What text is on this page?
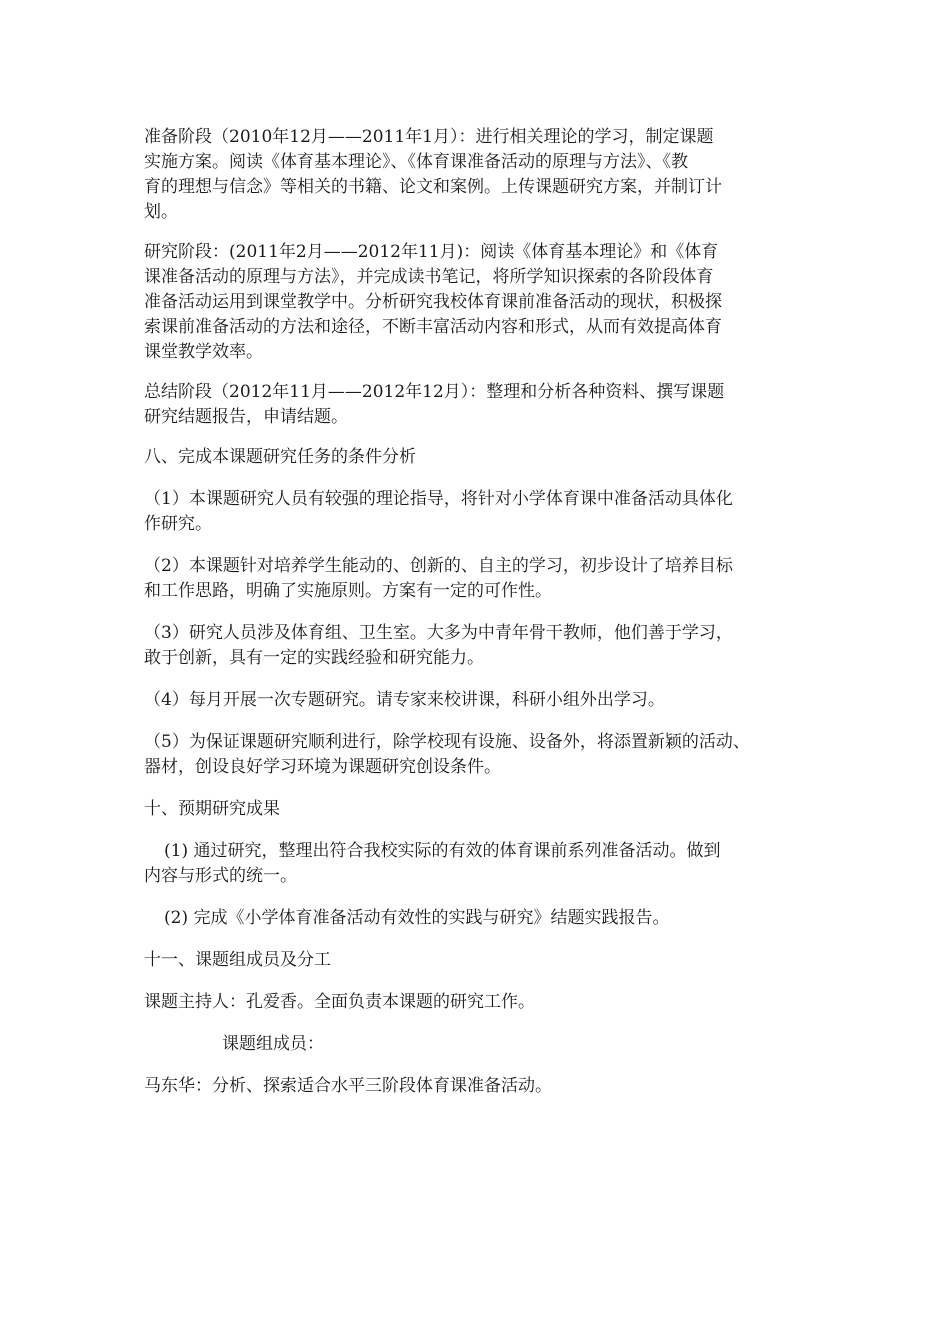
准备阶段（2010年12月——2011年1月）：进行相关理论的学习，制定课题
实施方案。阅读《体育基本理论》、《体育课准备活动的原理与方法》、《教
育的理想与信念》等相关的书籍、论文和案例。上传课题研究方案，并制订计
划。

研究阶段：(2011年2月——2012年11月)：阅读《体育基本理论》和《体育
课准备活动的原理与方法》，并完成读书笔记，将所学知识探索的各阶段体育
准备活动运用到课堂教学中。分析研究我校体育课前准备活动的现状，积极探
索课前准备活动的方法和途径，不断丰富活动内容和形式，从而有效提高体育
课堂教学效率。

总结阶段（2012年11月——2012年12月）：整理和分析各种资料、撰写课题
研究结题报告，申请结题。

八、完成本课题研究任务的条件分析

（1）本课题研究人员有较强的理论指导，将针对小学体育课中准备活动具体化
作研究。

（2）本课题针对培养学生能动的、创新的、自主的学习，初步设计了培养目标
和工作思路，明确了实施原则。方案有一定的可作性。

（3）研究人员涉及体育组、卫生室。大多为中青年骨干教师，他们善于学习，
敢于创新，具有一定的实践经验和研究能力。

（4）每月开展一次专题研究。请专家来校讲课，科研小组外出学习。

（5）为保证课题研究顺利进行，除学校现有设施、设备外，将添置新颖的活动、
器材，创设良好学习环境为课题研究创设条件。

十、预期研究成果

(1) 通过研究，整理出符合我校实际的有效的体育课前系列准备活动。做到
内容与形式的统一。

(2) 完成《小学体育准备活动有效性的实践与研究》结题实践报告。

十一、课题组成员及分工

课题主持人：孔爱香。全面负责本课题的研究工作。

课题组成员：

马东华：分析、探索适合水平三阶段体育课准备活动。
